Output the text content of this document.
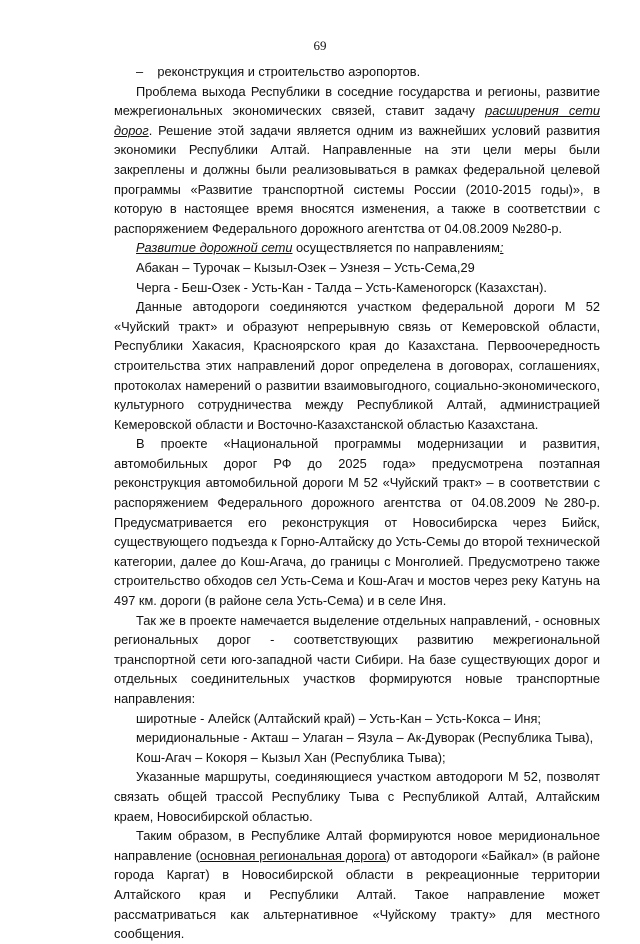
69

– реконструкция и строительство аэропортов.

Проблема выхода Республики в соседние государства и регионы, развитие межрегиональных экономических связей, ставит задачу расширения сети дорог. Решение этой задачи является одним из важнейших условий развития экономики Республики Алтай. Направленные на эти цели меры были закреплены и должны были реализовываться в рамках федеральной целевой программы «Развитие транспортной системы России (2010-2015 годы)», в которую в настоящее время вносятся изменения, а также в соответствии с распоряжением Федерального дорожного агентства от 04.08.2009 №280-р.

Развитие дорожной сети осуществляется по направлениям:

Абакан – Турочак – Кызыл-Озек – Узнезя – Усть-Сема,29

Черга - Беш-Озек - Усть-Кан - Талда – Усть-Каменогорск (Казахстан).

Данные автодороги соединяются участком федеральной дороги М 52 «Чуйский тракт» и образуют непрерывную связь от Кемеровской области, Республики Хакасия, Красноярского края до Казахстана. Первоочередность строительства этих направлений дорог определена в договорах, соглашениях, протоколах намерений о развитии взаимовыгодного, социально-экономического, культурного сотрудничества между Республикой Алтай, администрацией Кемеровской области и Восточно-Казахстанской областью Казахстана.

В проекте «Национальной программы модернизации и развития, автомобильных дорог РФ до 2025 года» предусмотрена поэтапная реконструкция автомобильной дороги М 52 «Чуйский тракт» – в соответствии с распоряжением Федерального дорожного агентства от 04.08.2009 №280-р. Предусматривается его реконструкция от Новосибирска через Бийск, существующего подъезда к Горно-Алтайску до Усть-Семы до второй технической категории, далее до Кош-Агача, до границы с Монголией. Предусмотрено также строительство обходов сел Усть-Сема и Кош-Агач и мостов через реку Катунь на 497 км. дороги (в районе села Усть-Сема) и в селе Иня.

Так же в проекте намечается выделение отдельных направлений, - основных региональных дорог - соответствующих развитию межрегиональной транспортной сети юго-западной части Сибири. На базе существующих дорог и отдельных соединительных участков формируются новые транспортные направления:

широтные - Алейск (Алтайский край) – Усть-Кан – Усть-Кокса – Иня;

меридиональные - Акташ – Улаган – Язула – Ак-Дуворак (Республика Тыва),

Кош-Агач – Кокоря – Кызыл Хан (Республика Тыва);

Указанные маршруты, соединяющиеся участком автодороги М 52, позволят связать общей трассой Республику Тыва с Республикой Алтай, Алтайским краем, Новосибирской областью.

Таким образом, в Республике Алтай формируются новое меридиональное направление (основная региональная дорога) от автодороги «Байкал» (в районе города Каргат) в Новосибирской области в рекреационные территории Алтайского края и Республики Алтай. Такое направление может рассматриваться как альтернативное «Чуйскому тракту» для местного сообщения.
